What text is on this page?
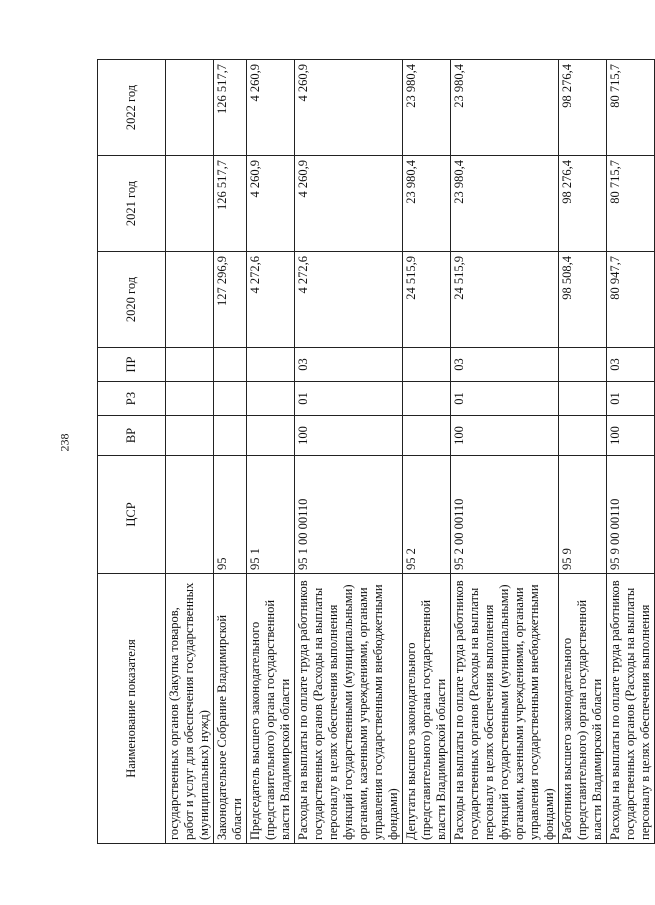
238
Наименование показателя	ЦСР	ВР	РЗ	ПР	2020 год	2021 год	2022 год
государственных органов (Закупка товаров, работ и услуг для обеспечения государственных (муниципальных) нужд)							
Законодательное Собрание Владимирской области	95				127 296,9	126 517,7	126 517,7
Председатель высшего законодательного (представительного) органа государственной власти Владимирской области	95 1				4 272,6	4 260,9	4 260,9
Расходы на выплаты по оплате труда работников государственных органов (Расходы на выплаты персоналу в целях обеспечения выполнения функций государственными (муниципальными) органами, казенными учреждениями, органами управления государственными внебюджетными фондами)	95 1 00 00110	100	01	03	4 272,6	4 260,9	4 260,9
Депутаты высшего законодательного (представительного) органа государственной власти Владимирской области	95 2				24 515,9	23 980,4	23 980,4
Расходы на выплаты по оплате труда работников государственных органов (Расходы на выплаты персоналу в целях обеспечения выполнения функций государственными (муниципальными) органами, казенными учреждениями, органами управления государственными внебюджетными фондами)	95 2 00 00110	100	01	03	24 515,9	23 980,4	23 980,4
Работники высшего законодательного (представительного) органа государственной власти Владимирской области	95 9				98 508,4	98 276,4	98 276,4
Расходы на выплаты по оплате труда работников государственных органов (Расходы на выплаты персоналу в целях обеспечения выполнения	95 9 00 00110	100	01	03	80 947,7	80 715,7	80 715,7
